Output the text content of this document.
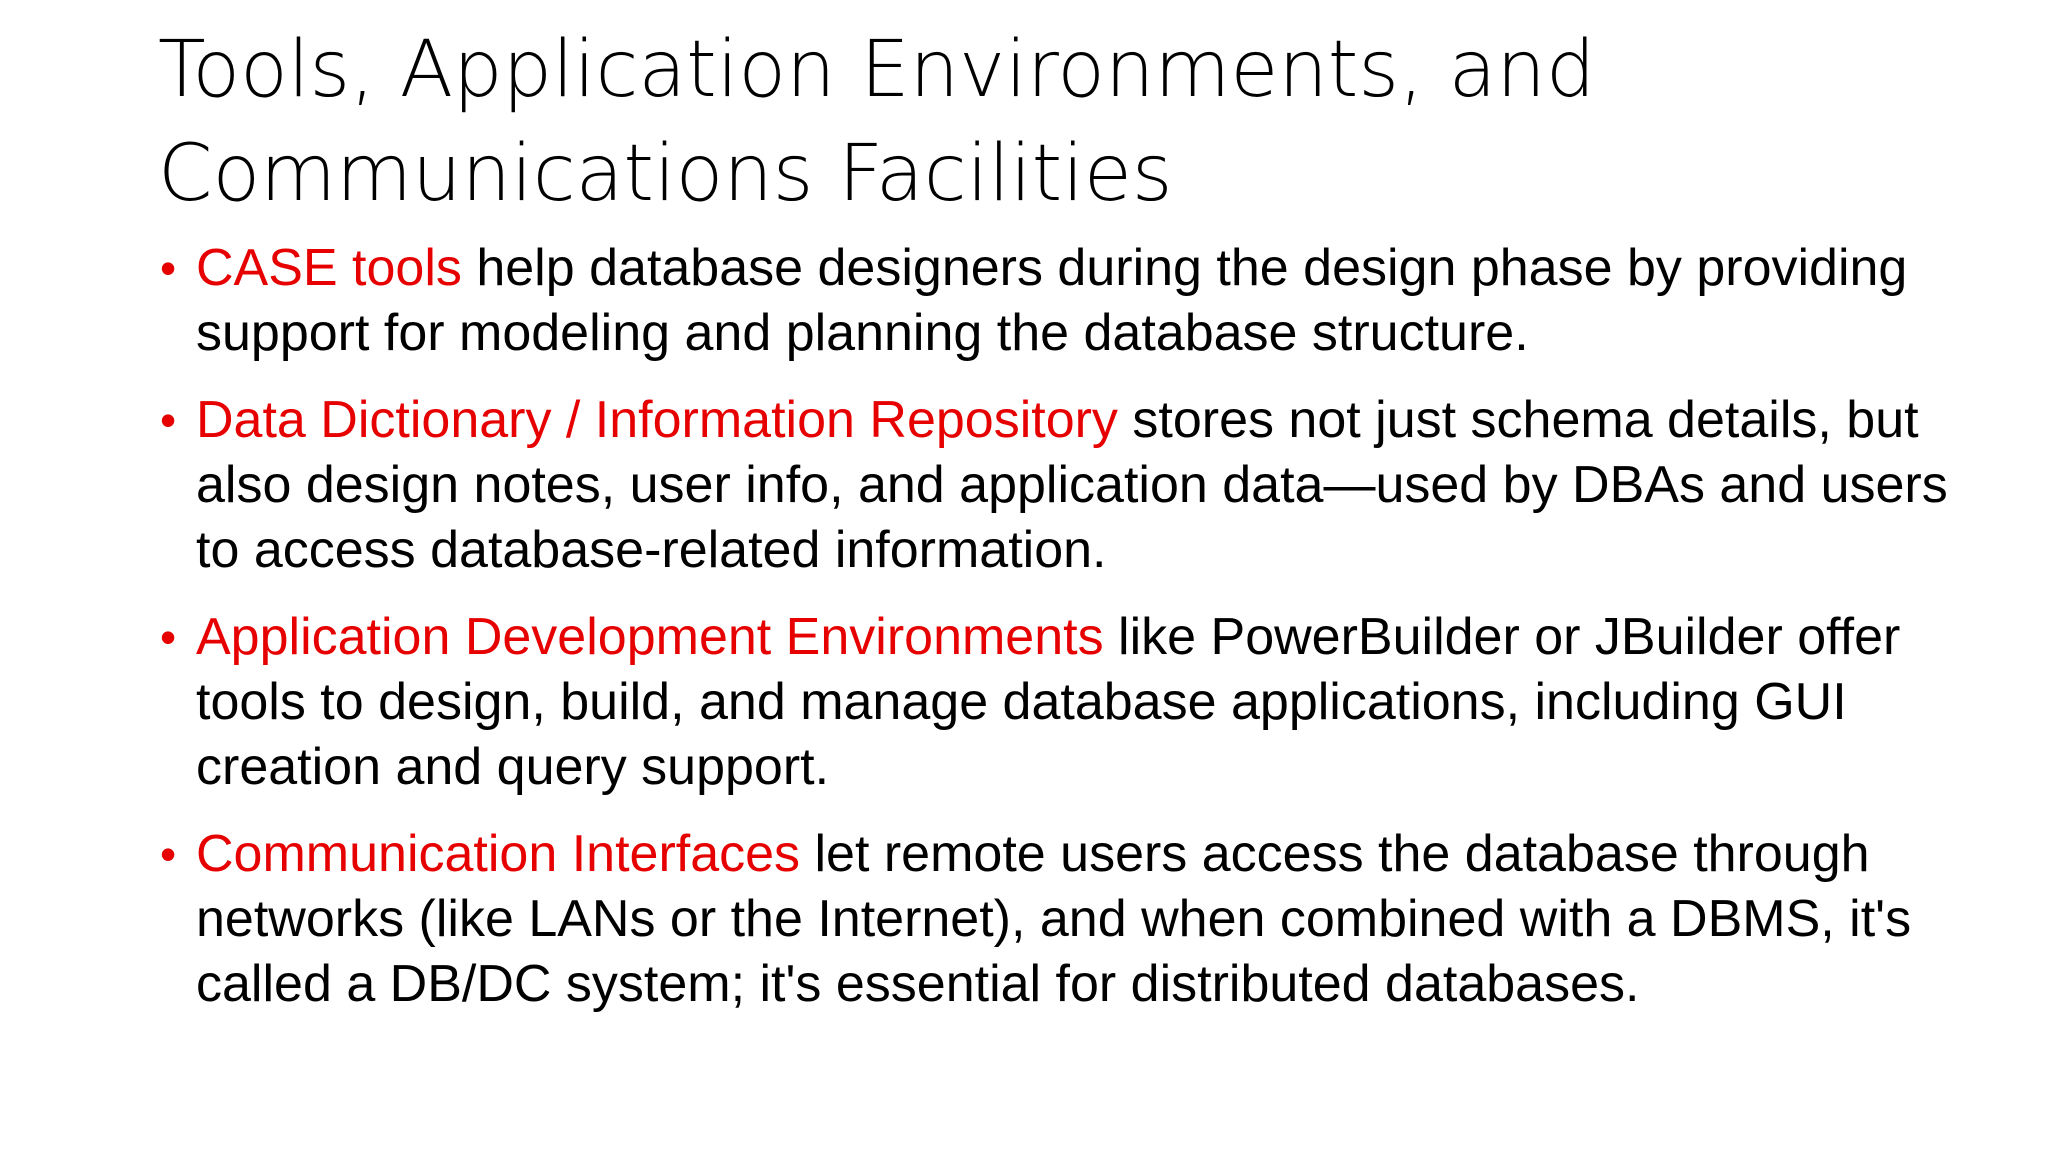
Tools, Application Environments, and
Communications Facilities
• CASE tools help database designers during the design phase by providing support for modeling and planning the database structure.
• Data Dictionary / Information Repository stores not just schema details, but also design notes, user info, and application data—used by DBAs and users to access database-related information.
• Application Development Environments like PowerBuilder or JBuilder offer tools to design, build, and manage database applications, including GUI creation and query support.
• Communication Interfaces let remote users access the database through networks (like LANs or the Internet), and when combined with a DBMS, it's called a DB/DC system; it's essential for distributed databases.
